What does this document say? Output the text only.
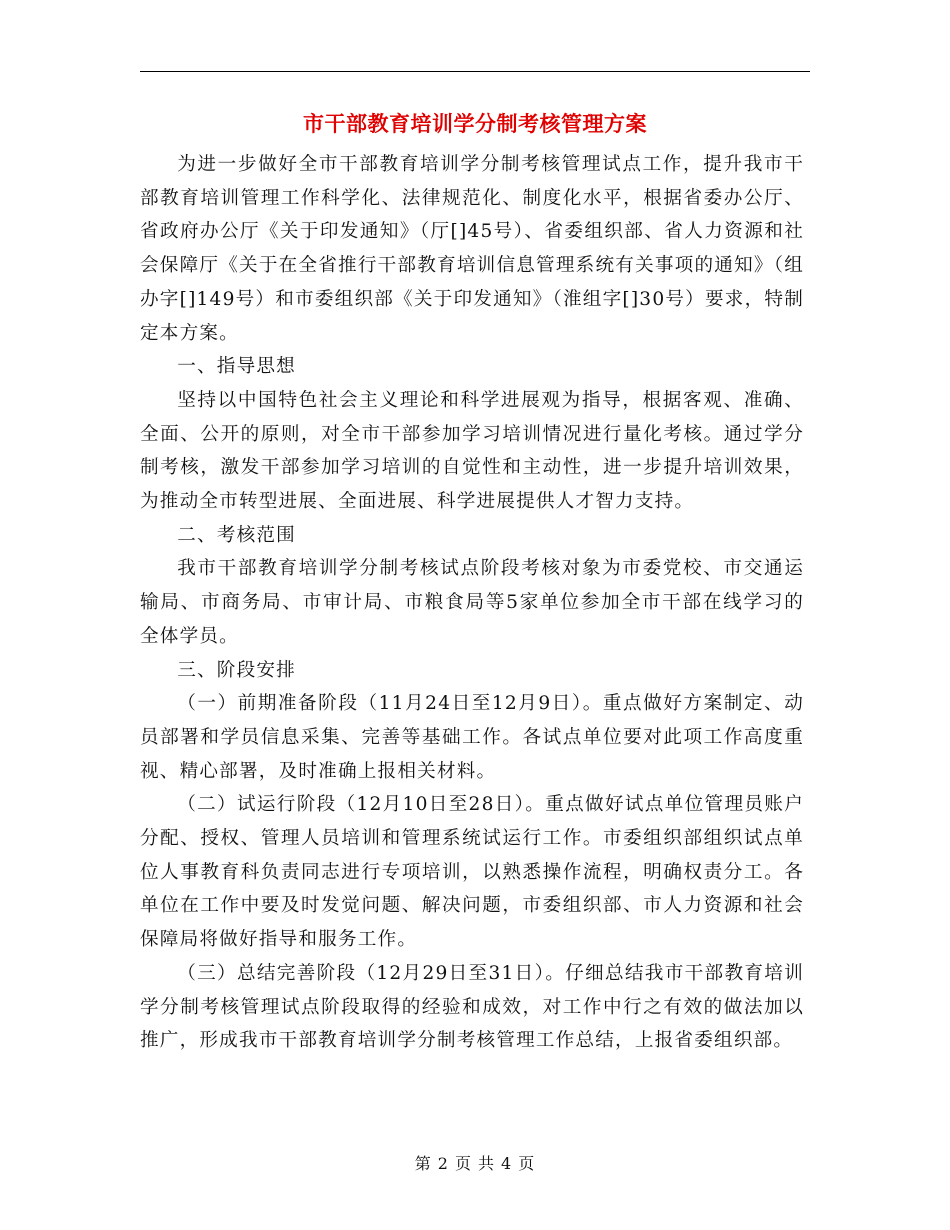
市干部教育培训学分制考核管理方案

为进一步做好全市干部教育培训学分制考核管理试点工作，提升我市干部教育培训管理工作科学化、法律规范化、制度化水平，根据省委办公厅、省政府办公厅《关于印发通知》（厅[]45号）、省委组织部、省人力资源和社会保障厅《关于在全省推行干部教育培训信息管理系统有关事项的通知》（组办字[]149号）和市委组织部《关于印发通知》（淮组字[]30号）要求，特制定本方案。

一、指导思想

坚持以中国特色社会主义理论和科学进展观为指导，根据客观、准确、全面、公开的原则，对全市干部参加学习培训情况进行量化考核。通过学分制考核，激发干部参加学习培训的自觉性和主动性，进一步提升培训效果，为推动全市转型进展、全面进展、科学进展提供人才智力支持。

二、考核范围

我市干部教育培训学分制考核试点阶段考核对象为市委党校、市交通运输局、市商务局、市审计局、市粮食局等5家单位参加全市干部在线学习的全体学员。

三、阶段安排

（一）前期准备阶段（11月24日至12月9日）。重点做好方案制定、动员部署和学员信息采集、完善等基础工作。各试点单位要对此项工作高度重视、精心部署，及时准确上报相关材料。

（二）试运行阶段（12月10日至28日）。重点做好试点单位管理员账户分配、授权、管理人员培训和管理系统试运行工作。市委组织部组织试点单位人事教育科负责同志进行专项培训，以熟悉操作流程，明确权责分工。各单位在工作中要及时发觉问题、解决问题，市委组织部、市人力资源和社会保障局将做好指导和服务工作。

（三）总结完善阶段（12月29日至31日）。仔细总结我市干部教育培训学分制考核管理试点阶段取得的经验和成效，对工作中行之有效的做法加以推广，形成我市干部教育培训学分制考核管理工作总结，上报省委组织部。

第 2 页 共 4 页
